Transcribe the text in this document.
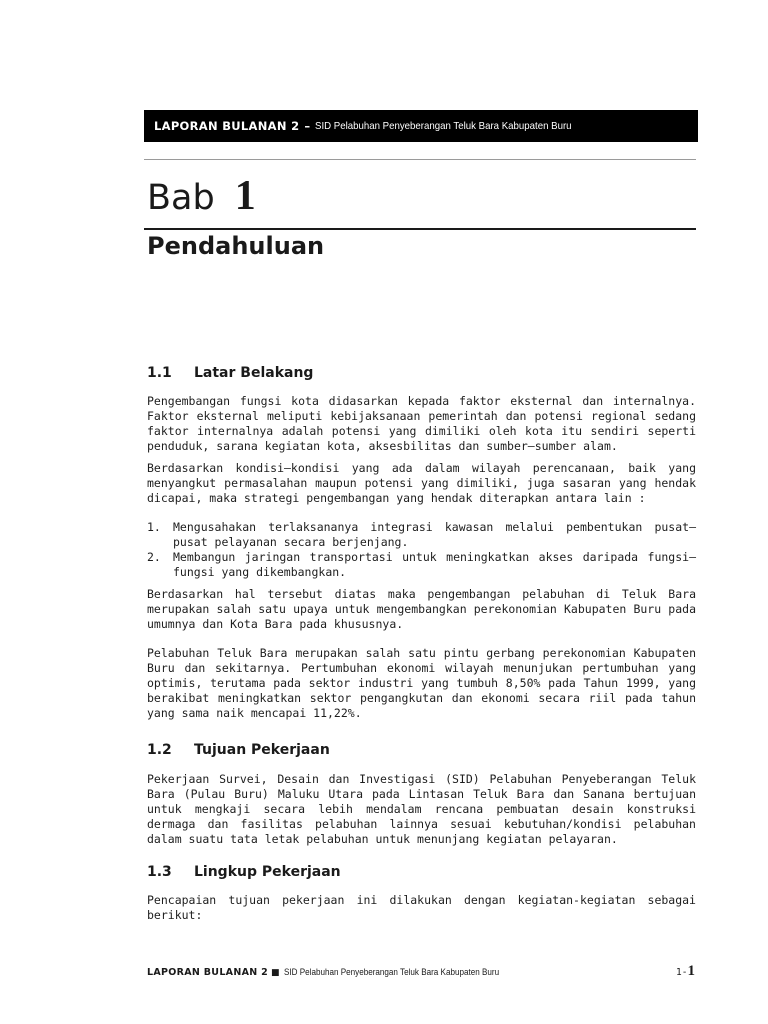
LAPORAN BULANAN 2 – SID Pelabuhan Penyeberangan Teluk Bara Kabupaten Buru
Bab 1
Pendahuluan
1.1	Latar Belakang

Pengembangan fungsi kota didasarkan kepada faktor eksternal dan internalnya. Faktor eksternal meliputi kebijaksanaan pemerintah dan potensi regional sedang faktor internalnya adalah potensi yang dimiliki oleh kota itu sendiri seperti penduduk, sarana kegiatan kota, aksesbilitas dan sumber–sumber alam.

Berdasarkan kondisi–kondisi yang ada dalam wilayah perencanaan, baik yang menyangkut permasalahan maupun potensi yang dimiliki, juga sasaran yang hendak dicapai, maka strategi pengembangan yang hendak diterapkan antara lain :

1.	Mengusahakan terlaksananya integrasi kawasan melalui pembentukan pusat–pusat pelayanan secara berjenjang.
2.	Membangun jaringan transportasi untuk meningkatkan akses daripada fungsi–fungsi yang dikembangkan.

Berdasarkan hal tersebut diatas maka pengembangan pelabuhan di Teluk Bara merupakan salah satu upaya untuk mengembangkan perekonomian Kabupaten Buru pada umumnya dan Kota Bara pada khususnya.

Pelabuhan Teluk Bara merupakan salah satu pintu gerbang perekonomian Kabupaten Buru dan sekitarnya. Pertumbuhan ekonomi wilayah menunjukan pertumbuhan yang optimis, terutama pada sektor industri yang tumbuh 8,50% pada Tahun 1999, yang berakibat meningkatkan sektor pengangkutan dan ekonomi secara riil pada tahun yang sama naik mencapai 11,22%.

1.2	Tujuan Pekerjaan

Pekerjaan Survei, Desain dan Investigasi (SID) Pelabuhan Penyeberangan Teluk Bara (Pulau Buru) Maluku Utara pada Lintasan Teluk Bara dan Sanana bertujuan untuk mengkaji secara lebih mendalam rencana pembuatan desain konstruksi dermaga dan fasilitas pelabuhan lainnya sesuai kebutuhan/kondisi pelabuhan dalam suatu tata letak pelabuhan untuk menunjang kegiatan pelayaran.

1.3	Lingkup Pekerjaan

Pencapaian tujuan pekerjaan ini dilakukan dengan kegiatan-kegiatan sebagai berikut:

LAPORAN BULANAN 2 ■ SID Pelabuhan Penyeberangan Teluk Bara Kabupaten Buru	1- 1
